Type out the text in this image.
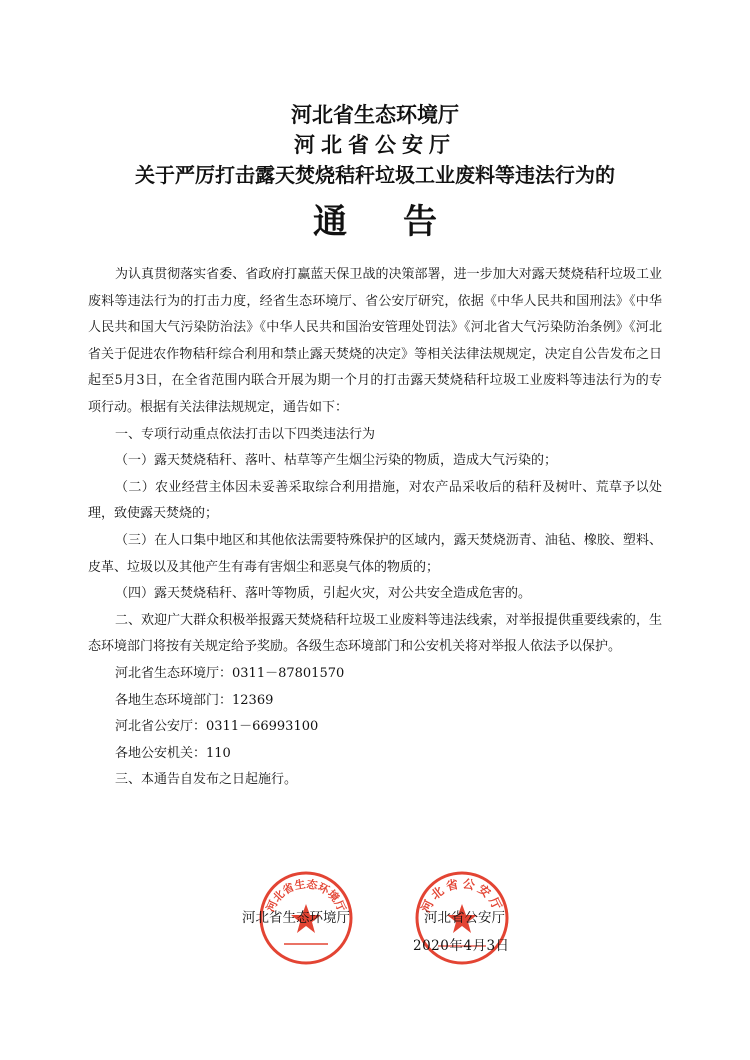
河北省生态环境厅
河北省公安厅
关于严厉打击露天焚烧秸秆垃圾工业废料等违法行为的
通告

为认真贯彻落实省委、省政府打赢蓝天保卫战的决策部署，进一步加大对露天焚烧秸秆垃圾工业废料等违法行为的打击力度，经省生态环境厅、省公安厅研究，依据《中华人民共和国刑法》《中华人民共和国大气污染防治法》《中华人民共和国治安管理处罚法》《河北省大气污染防治条例》《河北省关于促进农作物秸秆综合利用和禁止露天焚烧的决定》等相关法律法规规定，决定自公告发布之日起至5月3日，在全省范围内联合开展为期一个月的打击露天焚烧秸秆垃圾工业废料等违法行为的专项行动。根据有关法律法规规定，通告如下：

一、专项行动重点依法打击以下四类违法行为

（一）露天焚烧秸秆、落叶、枯草等产生烟尘污染的物质，造成大气污染的；

（二）农业经营主体因未妥善采取综合利用措施，对农产品采收后的秸秆及树叶、荒草予以处理，致使露天焚烧的；

（三）在人口集中地区和其他依法需要特殊保护的区域内，露天焚烧沥青、油毡、橡胶、塑料、皮革、垃圾以及其他产生有毒有害烟尘和恶臭气体的物质的；

（四）露天焚烧秸秆、落叶等物质，引起火灾，对公共安全造成危害的。

二、欢迎广大群众积极举报露天焚烧秸秆垃圾工业废料等违法线索，对举报提供重要线索的，生态环境部门将按有关规定给予奖励。各级生态环境部门和公安机关将对举报人依法予以保护。

河北省生态环境厅：0311－87801570

各地生态环境部门：12369

河北省公安厅：0311－66993100

各地公安机关：110

三、本通告自发布之日起施行。

河北省生态环境厅	河北省公安厅
河北省生态环境厅	河北省公安厅
2020年4月3日
